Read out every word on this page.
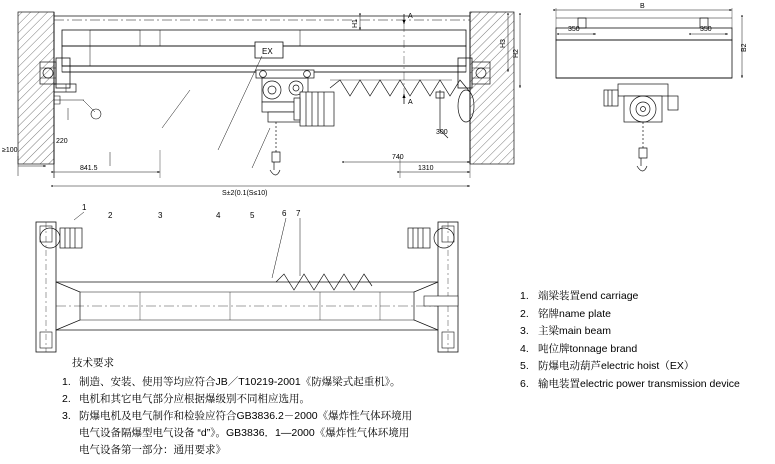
841.5	1310
740
300
220
≥100
S±2(0.1(S≤10)
H3
H2
H1
EX
A
A
B
350	350
B2
1
2	3	4	5	6 7
1. 端梁装置end carriage
2. 铭牌name plate
3. 主梁main beam
4. 吨位牌tonnage brand
5. 防爆电动葫芦electric hoist（EX）
6. 输电装置electric power transmission device
技术要求
1. 制造、安装、使用等均应符合JB／T10219-2001《防爆梁式起重机》。
2. 电机和其它电气部分应根据爆级别不同相应选用。
3. 防爆电机及电气制作和检验应符合GB3836.2－2000《爆炸性气体环境用
电气设备隔爆型电气设备 “d”》。GB3836．1—2000《爆炸性气体环境用
电气设备第一部分：通用要求》
